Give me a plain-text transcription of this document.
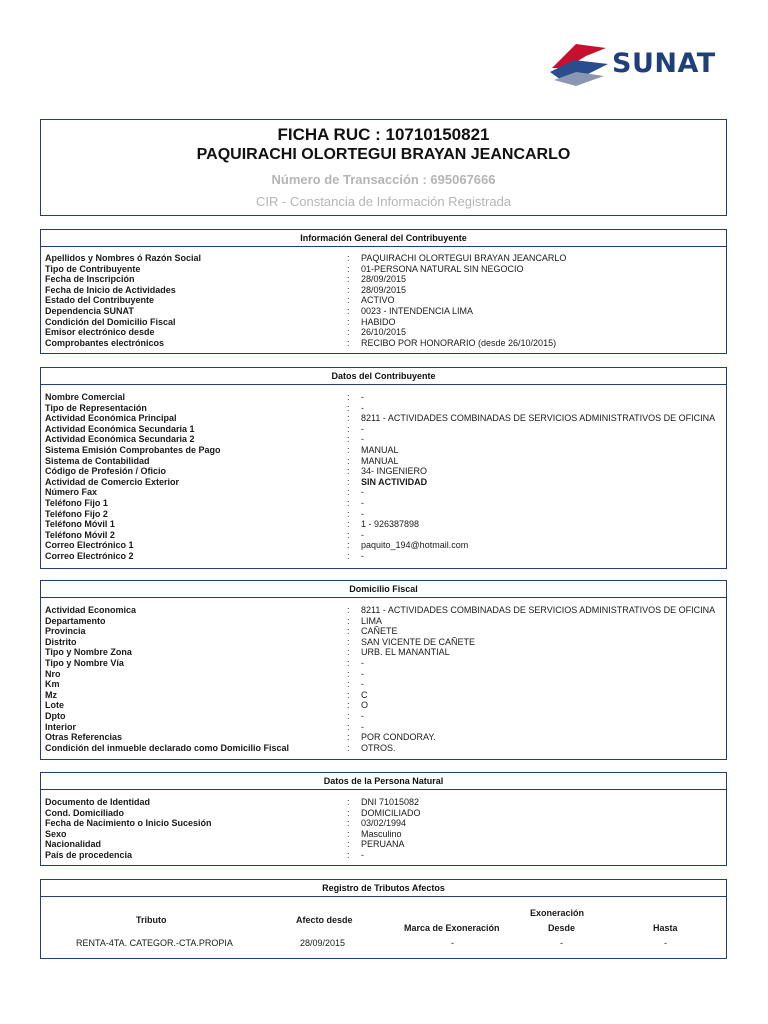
SUNAT
FICHA RUC : 10710150821
PAQUIRACHI OLORTEGUI BRAYAN JEANCARLO
Número de Transacción : 695067666
CIR - Constancia de Información Registrada
Información General del Contribuyente
Apellidos y Nombres ó Razón Social	: PAQUIRACHI OLORTEGUI BRAYAN JEANCARLO
Tipo de Contribuyente	: 01-PERSONA NATURAL SIN NEGOCIO
Fecha de Inscripción	: 28/09/2015
Fecha de Inicio de Actividades	: 28/09/2015
Estado del Contribuyente	: ACTIVO
Dependencia SUNAT	: 0023 - INTENDENCIA LIMA
Condición del Domicilio Fiscal	: HABIDO
Emisor electrónico desde	: 26/10/2015
Comprobantes electrónicos	: RECIBO POR HONORARIO (desde 26/10/2015)
Datos del Contribuyente
Nombre Comercial	: -
Tipo de Representación	: -
Actividad Económica Principal	: 8211 - ACTIVIDADES COMBINADAS DE SERVICIOS ADMINISTRATIVOS DE OFICINA
Actividad Económica Secundaria 1	: -
Actividad Económica Secundaria 2	: -
Sistema Emisión Comprobantes de Pago	: MANUAL
Sistema de Contabilidad	: MANUAL
Código de Profesión / Oficio	: 34- INGENIERO
Actividad de Comercio Exterior	: SIN ACTIVIDAD
Número Fax	: -
Teléfono Fijo 1	: -
Teléfono Fijo 2	: -
Teléfono Móvil 1	: 1 - 926387898
Teléfono Móvil 2	: -
Correo Electrónico 1	: paquito_194@hotmail.com
Correo Electrónico 2	: -
Domicilio Fiscal
Actividad Economica	: 8211 - ACTIVIDADES COMBINADAS DE SERVICIOS ADMINISTRATIVOS DE OFICINA
Departamento	: LIMA
Provincia	: CAÑETE
Distrito	: SAN VICENTE DE CAÑETE
Tipo y Nombre Zona	: URB. EL MANANTIAL
Tipo y Nombre Vía	: -
Nro	: -
Km	: -
Mz	: C
Lote	: O
Dpto	: -
Interior	: -
Otras Referencias	: POR CONDORAY.
Condición del inmueble declarado como Domicilio Fiscal	: OTROS.
Datos de la Persona Natural
Documento de Identidad	: DNI 71015082
Cond. Domiciliado	: DOMICILIADO
Fecha de Nacimiento o Inicio Sucesión	: 03/02/1994
Sexo	: Masculino
Nacionalidad	: PERUANA
País de procedencia	: -
Registro de Tributos Afectos
Tributo	Afecto desde
Exoneración
Marca de Exoneración	Desde	Hasta
RENTA-4TA. CATEGOR.-CTA.PROPIA	28/09/2015	-	-	-
